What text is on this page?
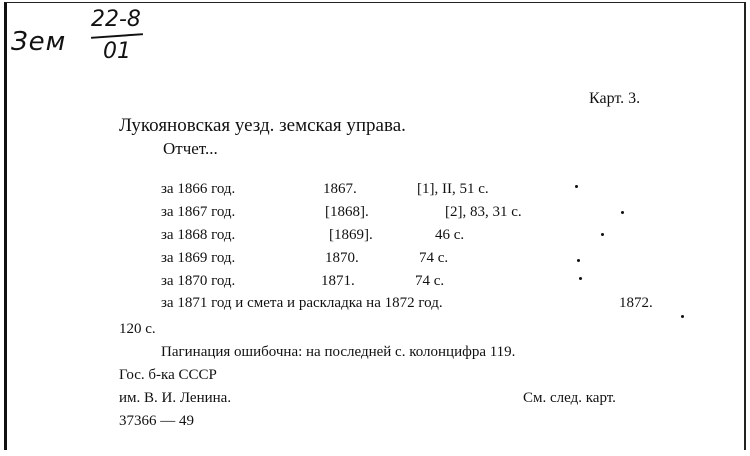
Зем
22-8
01
Карт. 3.
Лукояновская уезд. земская управа.
Отчет...
за 1866 год.	1867.	[1], II, 51 с.
за 1867 год.	[1868].	[2], 83, 31 с.
за 1868 год.	[1869].	46 с.
за 1869 год.	1870.	74 с.
за 1870 год.	1871.	74 с.
за 1871 год и смета и раскладка на 1872 год.	1872.
120 с.
Пагинация ошибочна: на последней с. колонцифра 119.
Гос. б-ка СССР
им. В. И. Ленина.	См. след. карт.
37366 — 49
